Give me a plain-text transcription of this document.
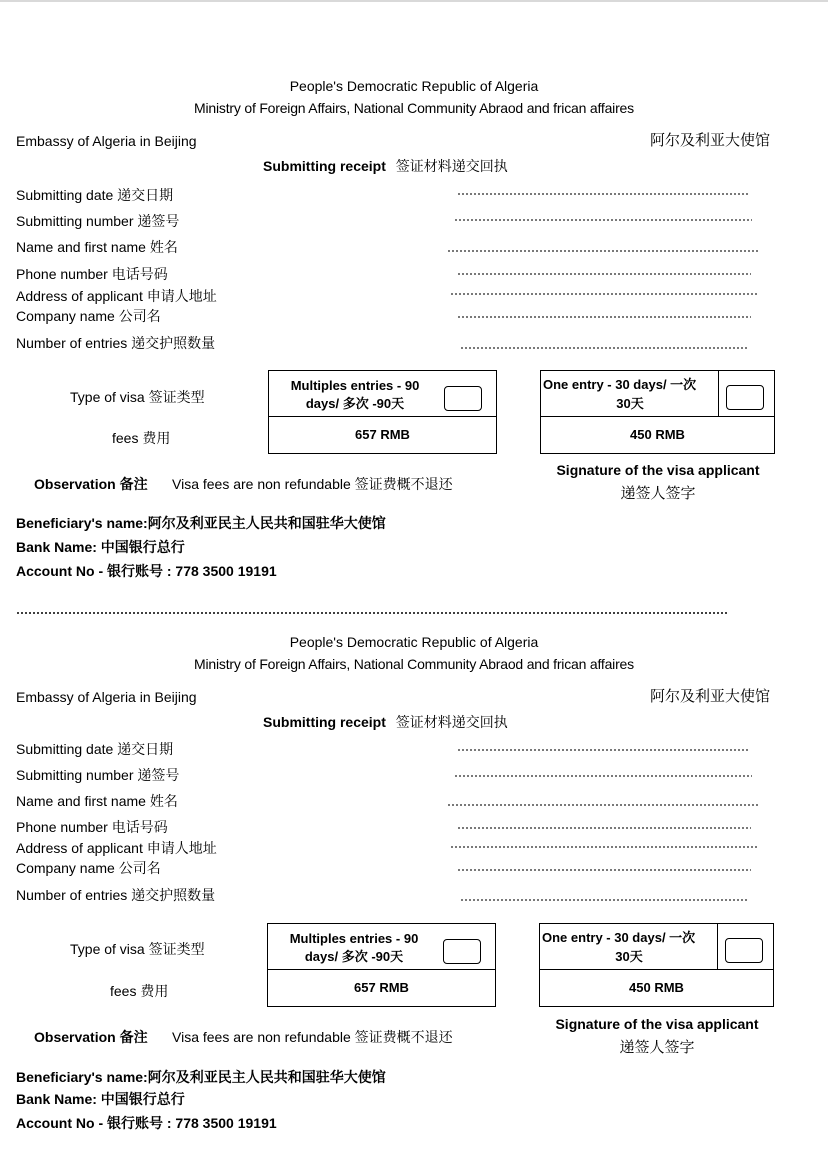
People's Democratic Republic of Algeria
Ministry of Foreign Affairs, National Community Abraod and frican affaires
Embassy of Algeria in Beijing	阿尔及利亚大使馆
Submitting receipt 签证材料递交回执
Submitting date 递交日期
Submitting number 递签号
Name and first name 姓名
Phone number 电话号码
Address of applicant 申请人地址
Company name 公司名
Number of entries 递交护照数量
Type of visa 签证类型
fees 费用
Multiples entries - 90
days/ 多次 -90天
657 RMB
One entry - 30 days/ 一次
30天
450 RMB
Observation 备注 Visa fees are non refundable 签证费概不退还
Signature of the visa applicant
递签人签字
Beneficiary's name:阿尔及利亚民主人民共和国驻华大使馆
Bank Name: 中国银行总行
Account No - 银行账号 : 778 3500 19191
People's Democratic Republic of Algeria
Ministry of Foreign Affairs, National Community Abraod and frican affaires
Embassy of Algeria in Beijing	阿尔及利亚大使馆
Submitting receipt 签证材料递交回执
Submitting date 递交日期
Submitting number 递签号
Name and first name 姓名
Phone number 电话号码
Address of applicant 申请人地址
Company name 公司名
Number of entries 递交护照数量
Type of visa 签证类型
fees 费用
Multiples entries - 90
days/ 多次 -90天
657 RMB
One entry - 30 days/ 一次
30天
450 RMB
Observation 备注 Visa fees are non refundable 签证费概不退还
Signature of the visa applicant
递签人签字
Beneficiary's name:阿尔及利亚民主人民共和国驻华大使馆
Bank Name: 中国银行总行
Account No - 银行账号 : 778 3500 19191
